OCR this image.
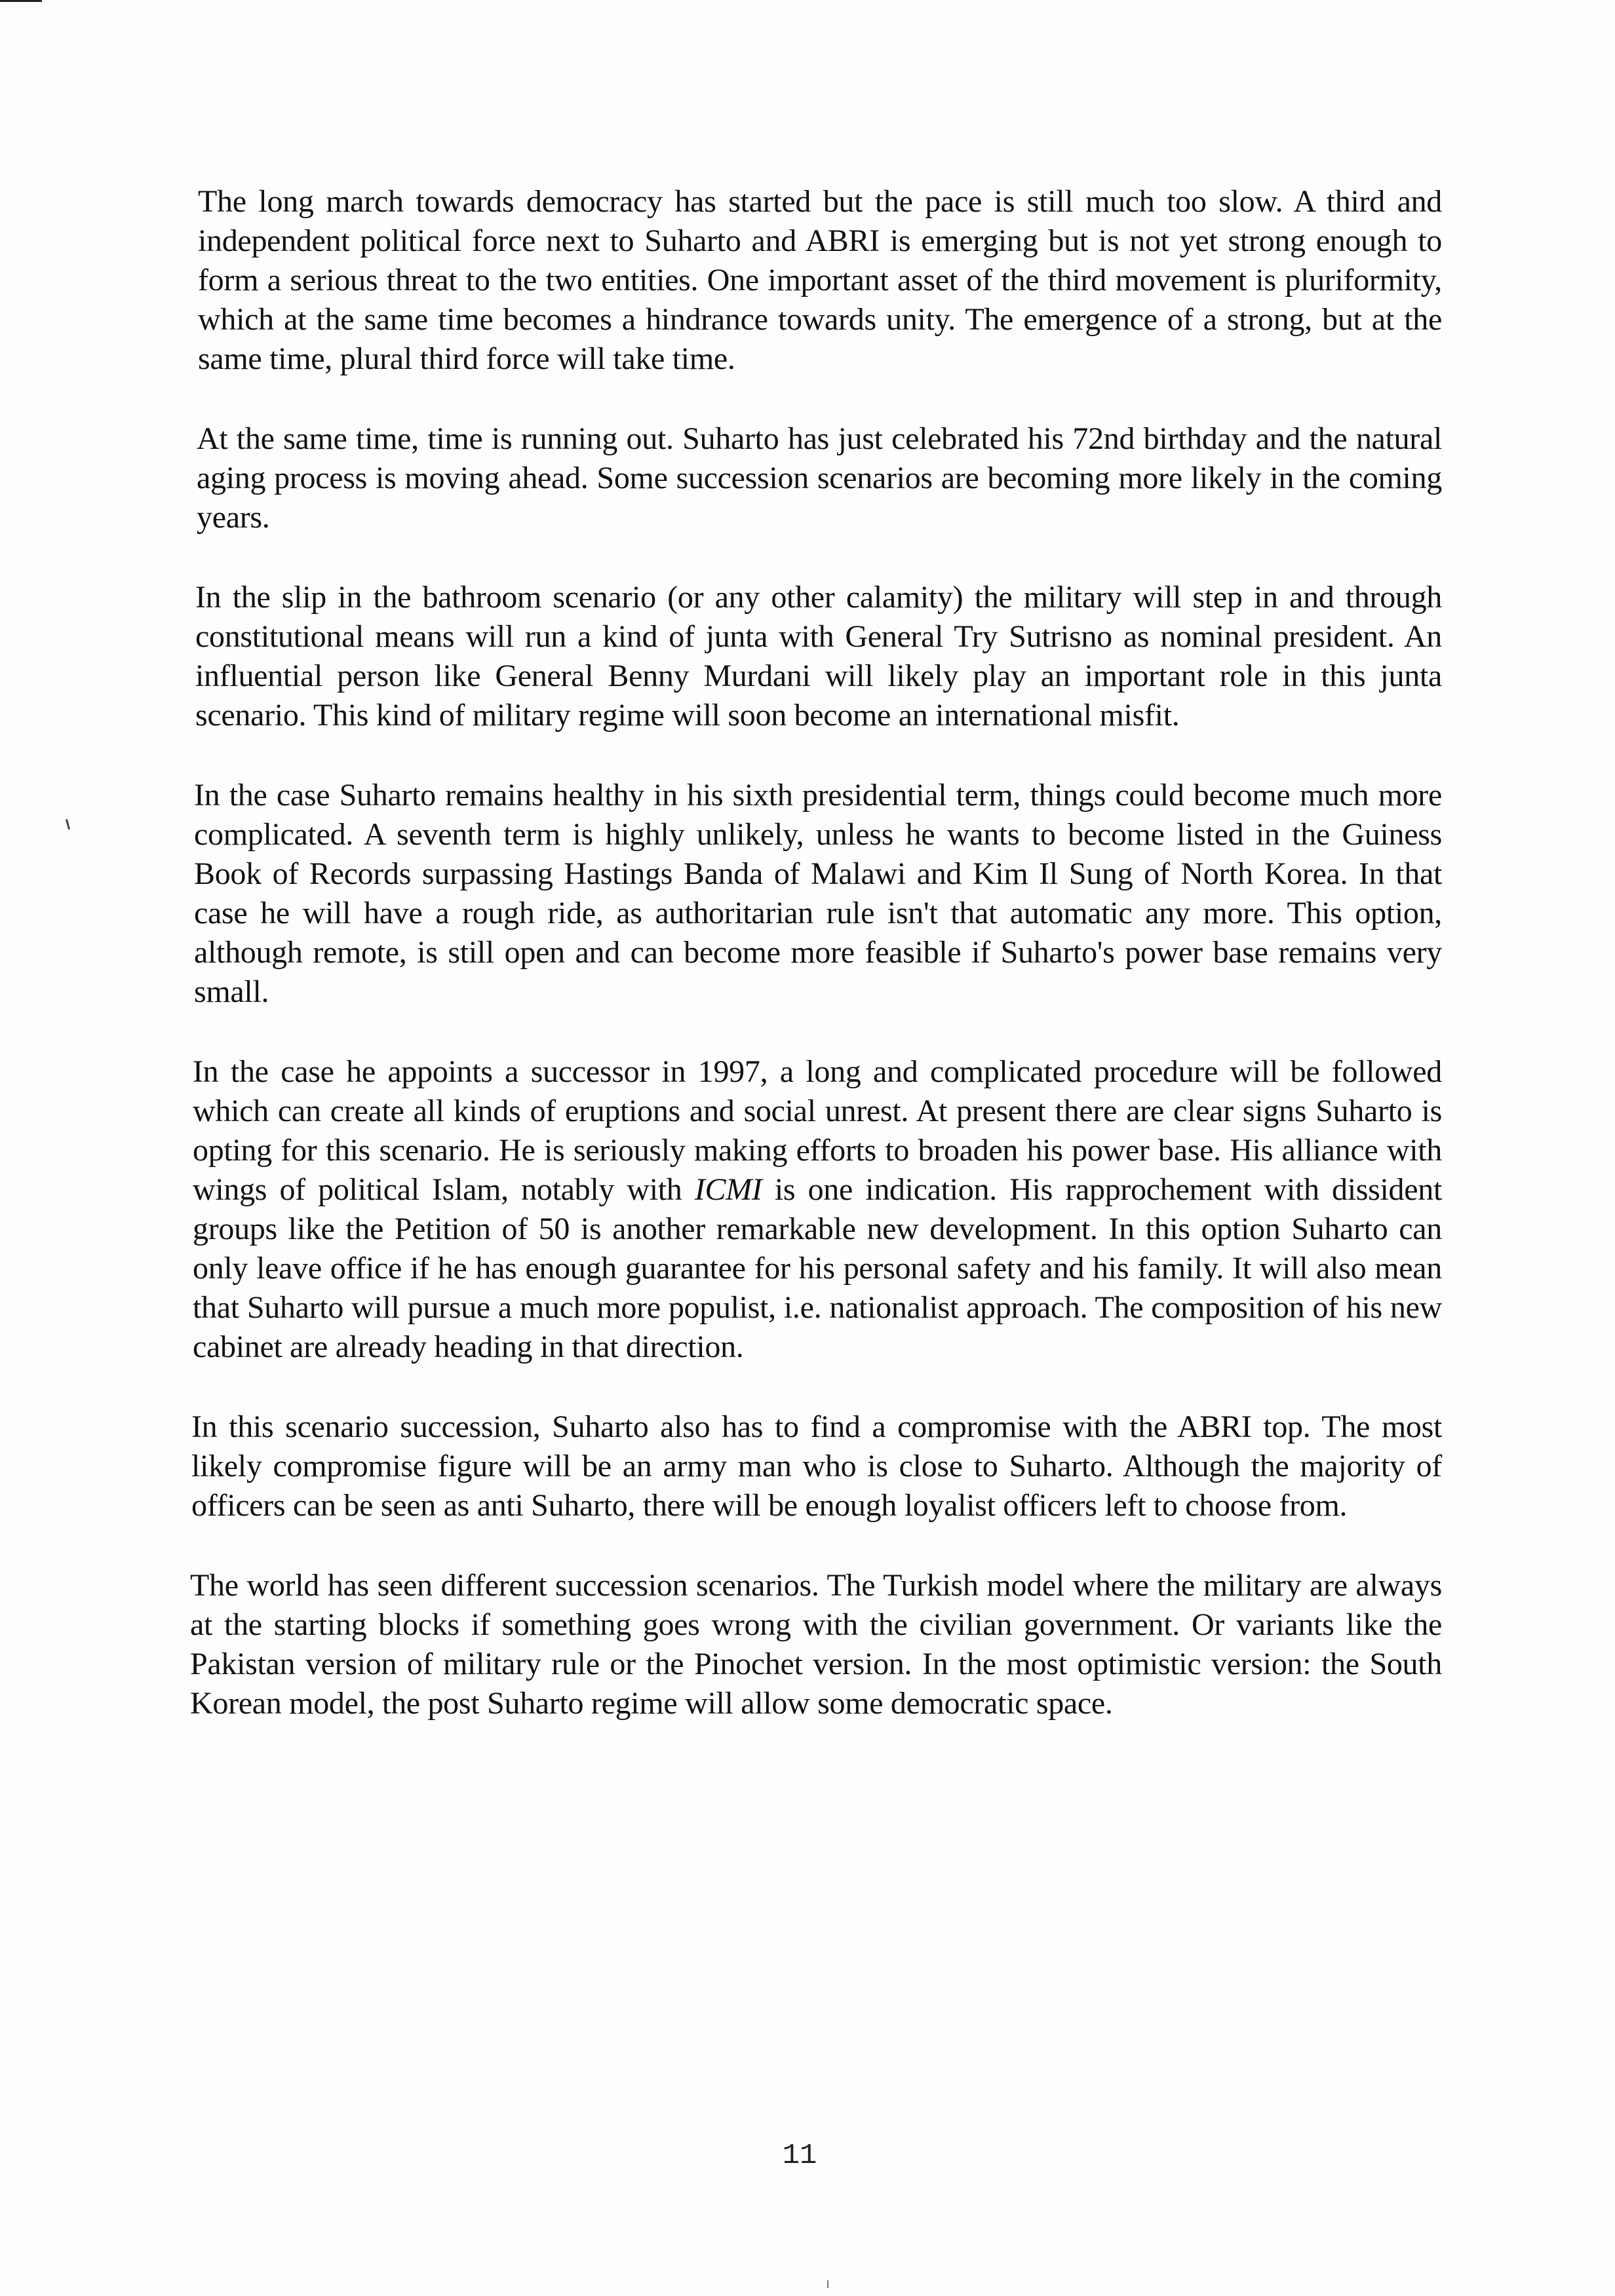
The long march towards democracy has started but the pace is still much too slow. A third and independent political force next to Suharto and ABRI is emerging but is not yet strong enough to form a serious threat to the two entities. One important asset of the third movement is pluriformity, which at the same time becomes a hindrance towards unity. The emergence of a strong, but at the same time, plural third force will take time.

At the same time, time is running out. Suharto has just celebrated his 72nd birthday and the natural aging process is moving ahead. Some succession scenarios are becoming more likely in the coming years.

In the slip in the bathroom scenario (or any other calamity) the military will step in and through constitutional means will run a kind of junta with General Try Sutrisno as nominal president. An influential person like General Benny Murdani will likely play an important role in this junta scenario. This kind of military regime will soon become an international misfit.

In the case Suharto remains healthy in his sixth presidential term, things could become much more complicated. A seventh term is highly unlikely, unless he wants to become listed in the Guiness Book of Records surpassing Hastings Banda of Malawi and Kim Il Sung of North Korea. In that case he will have a rough ride, as authoritarian rule isn't that automatic any more. This option, although remote, is still open and can become more feasible if Suharto's power base remains very small.

In the case he appoints a successor in 1997, a long and complicated procedure will be followed which can create all kinds of eruptions and social unrest. At present there are clear signs Suharto is opting for this scenario. He is seriously making efforts to broaden his power base. His alliance with wings of political Islam, notably with ICMI is one indication. His rapprochement with dissident groups like the Petition of 50 is another remarkable new development. In this option Suharto can only leave office if he has enough guarantee for his personal safety and his family. It will also mean that Suharto will pursue a much more populist, i.e. nationalist approach. The composition of his new cabinet are already heading in that direction.

In this scenario succession, Suharto also has to find a compromise with the ABRI top. The most likely compromise figure will be an army man who is close to Suharto. Although the majority of officers can be seen as anti Suharto, there will be enough loyalist officers left to choose from.

The world has seen different succession scenarios. The Turkish model where the military are always at the starting blocks if something goes wrong with the civilian government. Or variants like the Pakistan version of military rule or the Pinochet version. In the most optimistic version: the South Korean model, the post Suharto regime will allow some democratic space.

11
